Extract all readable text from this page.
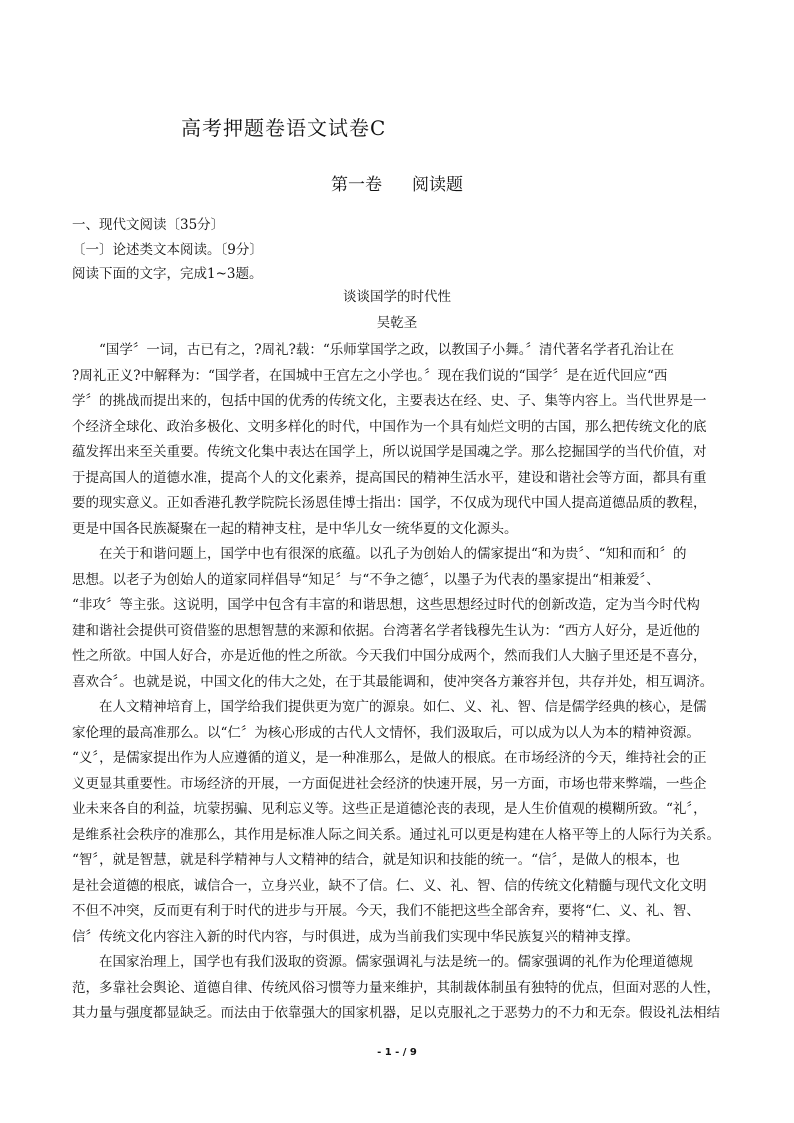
高考押题卷语文试卷C
第一卷 阅读题

一、现代文阅读〔35分〕

〔一〕论述类文本阅读。〔9分〕

阅读下面的文字，完成1~3题。

谈谈国学的时代性

吴乾圣

　　“国学〞一词，古已有之，?周礼?载：“乐师掌国学之政，以教国子小舞。〞清代著名学者孔治让在
?周礼正义?中解释为：“国学者，在国城中王宫左之小学也。〞现在我们说的“国学〞是在近代回应“西
学〞的挑战而提出来的，包括中国的优秀的传统文化，主要表达在经、史、子、集等内容上。当代世界是一
个经济全球化、政治多极化、文明多样化的时代，中国作为一个具有灿烂文明的古国，那么把传统文化的底
蕴发挥出来至关重要。传统文化集中表达在国学上，所以说国学是国魂之学。那么挖掘国学的当代价值，对
于提高国人的道德水准，提高个人的文化素养，提高国民的精神生活水平，建设和谐社会等方面，都具有重
要的现实意义。正如香港孔教学院院长汤恩佳博士指出：国学，不仅成为现代中国人提高道德品质的教程，
更是中国各民族凝聚在一起的精神支柱，是中华儿女一统华夏的文化源头。
　　在关于和谐问题上，国学中也有很深的底蕴。以孔子为创始人的儒家提出“和为贵〞、“知和而和〞的
思想。以老子为创始人的道家同样倡导“知足〞与“不争之德〞，以墨子为代表的墨家提出“相兼爱〞、
“非攻〞等主张。这说明，国学中包含有丰富的和谐思想，这些思想经过时代的创新改造，定为当今时代构
建和谐社会提供可资借鉴的思想智慧的来源和依据。台湾著名学者钱穆先生认为：“西方人好分，是近他的
性之所欲。中国人好合，亦是近他的性之所欲。今天我们中国分成两个，然而我们人大脑子里还是不喜分，
喜欢合〞。也就是说，中国文化的伟大之处，在于其最能调和，使冲突各方兼容并包，共存并处，相互调济。
　　在人文精神培育上，国学给我们提供更为宽广的源泉。如仁、义、礼、智、信是儒学经典的核心，是儒
家伦理的最高准那么。以“仁〞为核心形成的古代人文情怀，我们汲取后，可以成为以人为本的精神资源。
“义〞，是儒家提出作为人应遵循的道义，是一种准那么，是做人的根底。在市场经济的今天，维持社会的正
义更显其重要性。市场经济的开展，一方面促进社会经济的快速开展，另一方面，市场也带来弊端，一些企
业未来各自的利益，坑蒙拐骗、见利忘义等。这些正是道德沦丧的表现，是人生价值观的模糊所致。“礼〞，
是维系社会秩序的准那么，其作用是标准人际之间关系。通过礼可以更是构建在人格平等上的人际行为关系。
“智〞，就是智慧，就是科学精神与人文精神的结合，就是知识和技能的统一。“信〞，是做人的根本，也
是社会道德的根底，诚信合一，立身兴业，缺不了信。仁、义、礼、智、信的传统文化精髓与现代文化文明
不但不冲突，反而更有利于时代的进步与开展。今天，我们不能把这些全部舍弃，要将“仁、义、礼、智、
信〞传统文化内容注入新的时代内容，与时俱进，成为当前我们实现中华民族复兴的精神支撑。
　　在国家治理上，国学也有我们汲取的资源。儒家强调礼与法是统一的。儒家强调的礼作为伦理道德规
范，多靠社会舆论、道德自律、传统风俗习惯等力量来维护，其制裁体制虽有独特的优点，但面对恶的人性，
其力量与强度都显缺乏。而法由于依靠强大的国家机器，足以克服礼之于恶势力的不力和无奈。假设礼法相结
- 1 - / 9
